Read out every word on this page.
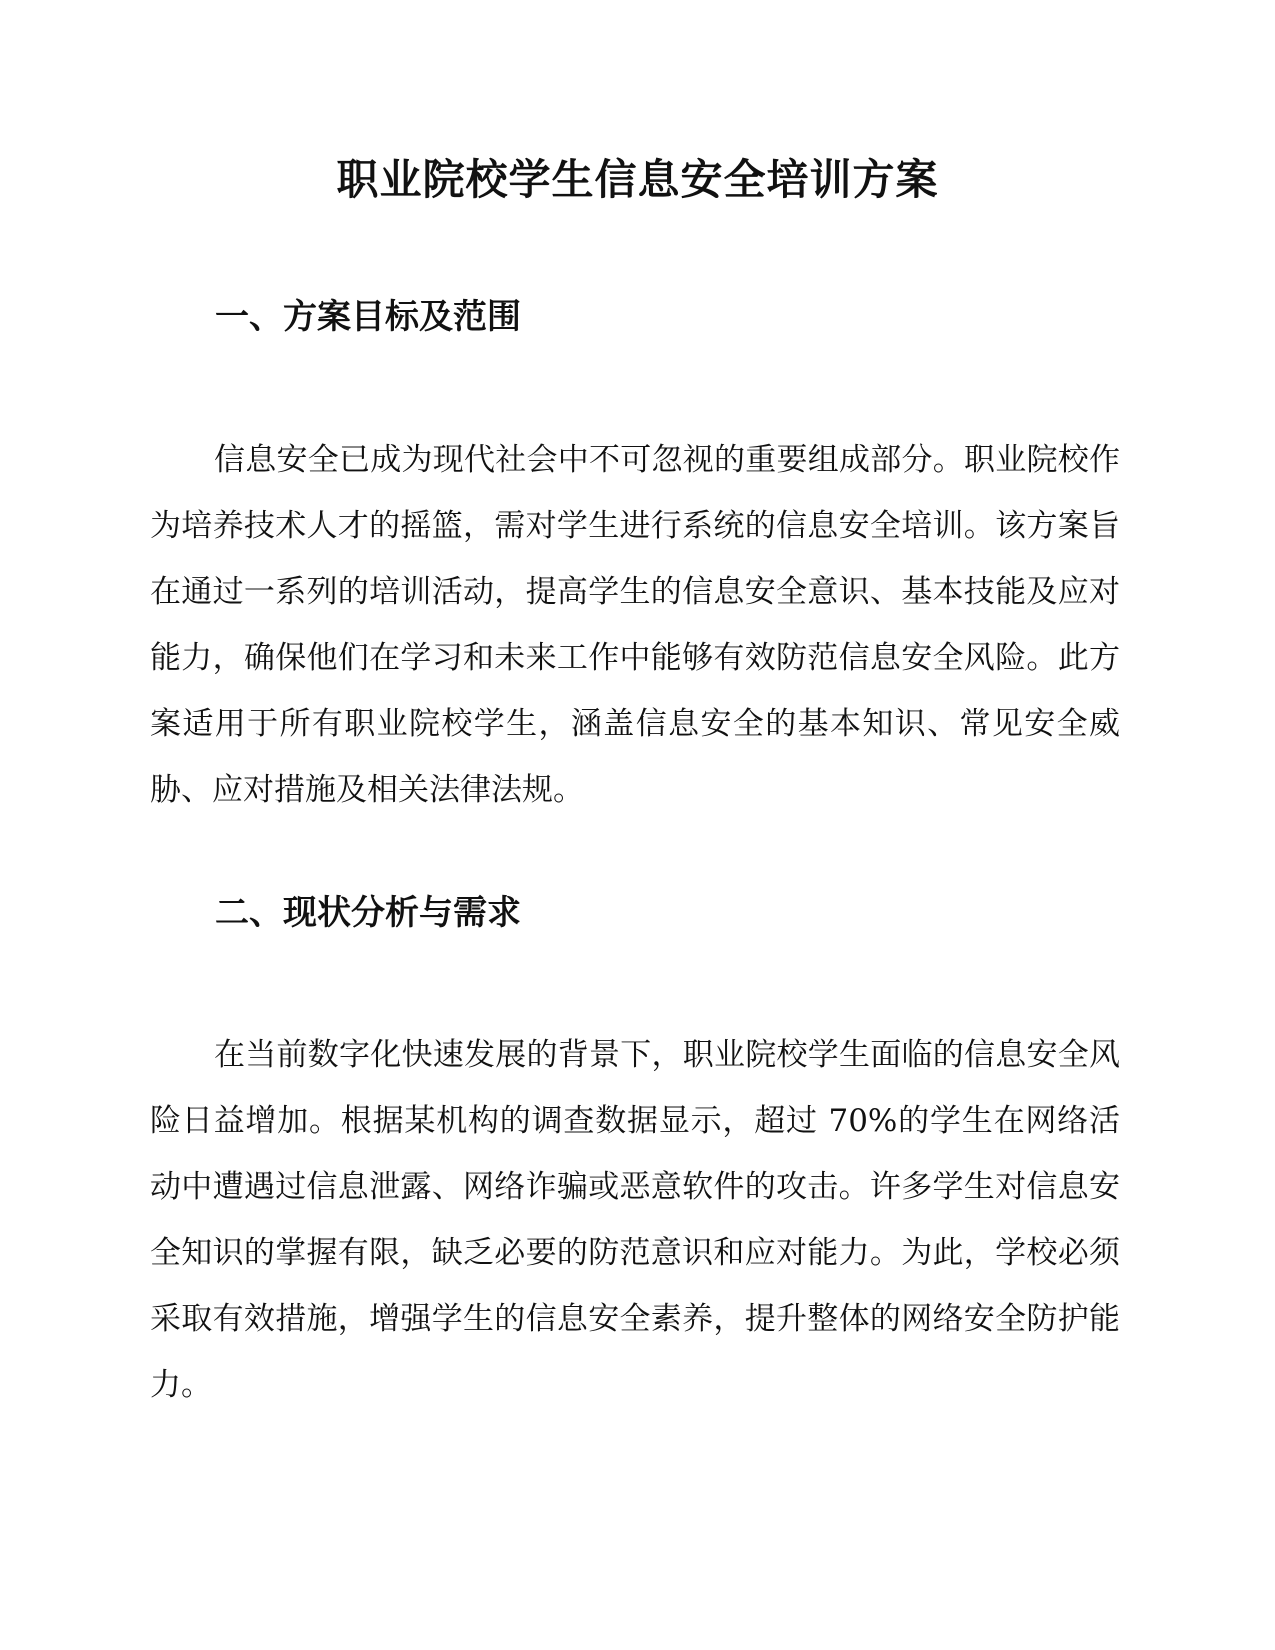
职业院校学生信息安全培训方案
一、方案目标及范围

信息安全已成为现代社会中不可忽视的重要组成部分。职业院校作为培养技术人才的摇篮，需对学生进行系统的信息安全培训。该方案旨在通过一系列的培训活动，提高学生的信息安全意识、基本技能及应对能力，确保他们在学习和未来工作中能够有效防范信息安全风险。此方案适用于所有职业院校学生，涵盖信息安全的基本知识、常见安全威胁、应对措施及相关法律法规。

二、现状分析与需求

在当前数字化快速发展的背景下，职业院校学生面临的信息安全风险日益增加。根据某机构的调查数据显示，超过 70%的学生在网络活动中遭遇过信息泄露、网络诈骗或恶意软件的攻击。许多学生对信息安全知识的掌握有限，缺乏必要的防范意识和应对能力。为此，学校必须采取有效措施，增强学生的信息安全素养，提升整体的网络安全防护能力。
